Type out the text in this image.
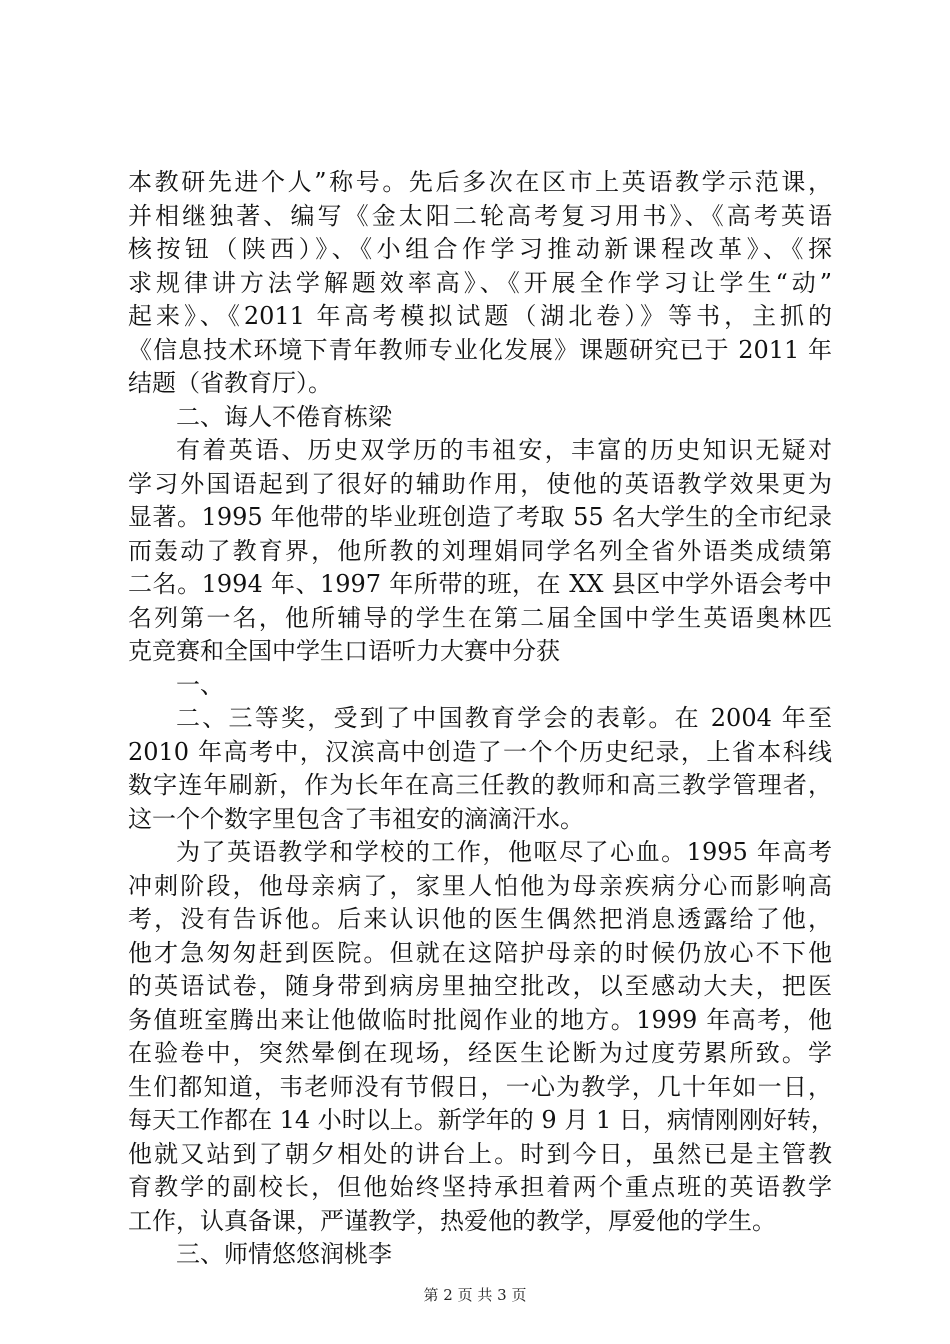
本教研先进个人”称号。先后多次在区市上英语教学示范课，
并相继独著、编写《金太阳二轮高考复习用书》、《高考英语
核按钮（陕西）》、《小组合作学习推动新课程改革》、《探
求规律讲方法学解题效率高》、《开展全作学习让学生“动”
起来》、《2011 年高考模拟试题（湖北卷）》等书，主抓的
《信息技术环境下青年教师专业化发展》课题研究已于 2011 年
结题（省教育厅）。
二、诲人不倦育栋梁
有着英语、历史双学历的韦祖安，丰富的历史知识无疑对
学习外国语起到了很好的辅助作用，使他的英语教学效果更为
显著。1995 年他带的毕业班创造了考取 55 名大学生的全市纪录
而轰动了教育界，他所教的刘理娟同学名列全省外语类成绩第
二名。1994 年、1997 年所带的班，在 XX 县区中学外语会考中
名列第一名，他所辅导的学生在第二届全国中学生英语奥林匹
克竞赛和全国中学生口语听力大赛中分获
一、
二、三等奖，受到了中国教育学会的表彰。在 2004 年至
2010 年高考中，汉滨高中创造了一个个历史纪录，上省本科线
数字连年刷新，作为长年在高三任教的教师和高三教学管理者，
这一个个数字里包含了韦祖安的滴滴汗水。
为了英语教学和学校的工作，他呕尽了心血。1995 年高考
冲刺阶段，他母亲病了，家里人怕他为母亲疾病分心而影响高
考，没有告诉他。后来认识他的医生偶然把消息透露给了他，
他才急匆匆赶到医院。但就在这陪护母亲的时候仍放心不下他
的英语试卷，随身带到病房里抽空批改，以至感动大夫，把医
务值班室腾出来让他做临时批阅作业的地方。1999 年高考，他
在验卷中，突然晕倒在现场，经医生论断为过度劳累所致。学
生们都知道，韦老师没有节假日，一心为教学，几十年如一日，
每天工作都在 14 小时以上。新学年的 9 月 1 日，病情刚刚好转，
他就又站到了朝夕相处的讲台上。时到今日，虽然已是主管教
育教学的副校长，但他始终坚持承担着两个重点班的英语教学
工作，认真备课，严谨教学，热爱他的教学，厚爱他的学生。
三、师情悠悠润桃李
第 2 页 共 3 页
